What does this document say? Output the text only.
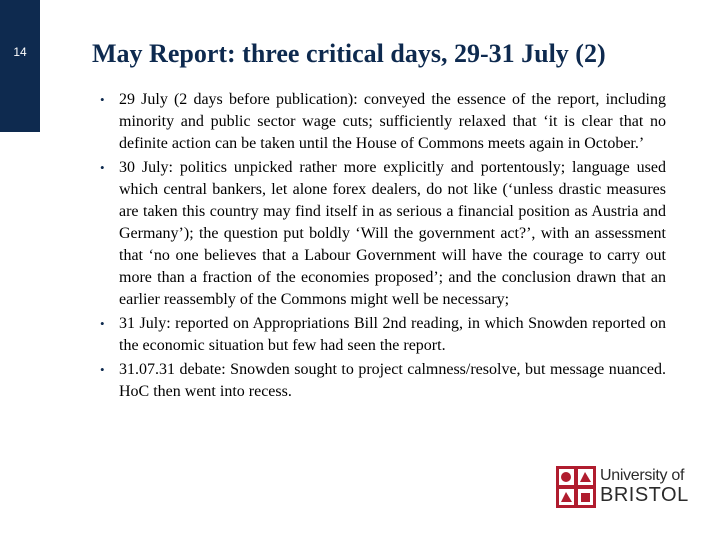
14	May Report: three critical days, 29-31 July (2)
• 29 July (2 days before publication): conveyed the essence of the report, including minority and public sector wage cuts; sufficiently relaxed that ‘it is clear that no definite action can be taken until the House of Commons meets again in October.’
• 30 July: politics unpicked rather more explicitly and portentously; language used which central bankers, let alone forex dealers, do not like (‘unless drastic measures are taken this country may find itself in as serious a financial position as Austria and Germany’); the question put boldly ‘Will the government act?’, with an assessment that ‘no one believes that a Labour Government will have the courage to carry out more than a fraction of the economies proposed’; and the conclusion drawn that an earlier reassembly of the Commons might well be necessary;
• 31 July: reported on Appropriations Bill 2nd reading, in which Snowden reported on the economic situation but few had seen the report.
• 31.07.31 debate: Snowden sought to project calmness/resolve, but message nuanced. HoC then went into recess.
University of
BRISTOL
